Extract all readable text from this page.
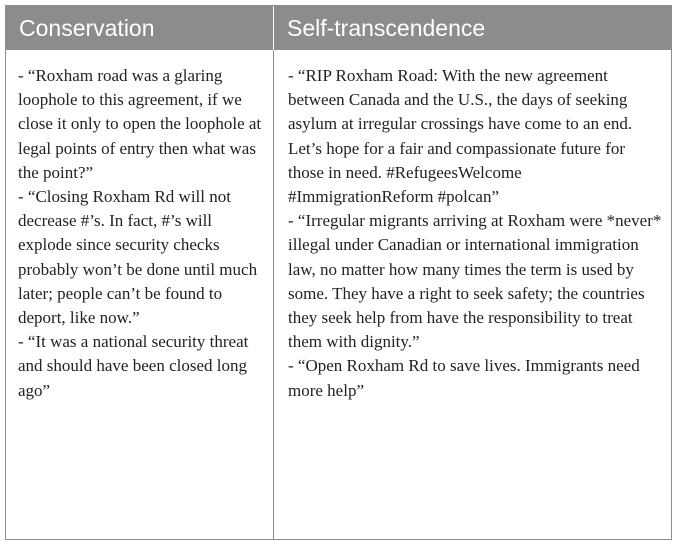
Conservation	Self-transcendence

- “Roxham road was a glaring loophole to this agreement, if we close it only to open the loophole at legal points of entry then what was the point?”

- “Closing Roxham Rd will not decrease #’s. In fact, #’s will explode since security checks probably won’t be done until much later; people can’t be found to deport, like now.”

- “It was a national security threat and should have been closed long ago”

- “RIP Roxham Road: With the new agreement between Canada and the U.S., the days of seeking asylum at irregular crossings have come to an end. Let’s hope for a fair and compassionate future for those in need. #RefugeesWelcome #ImmigrationReform #polcan”

- “Irregular migrants arriving at Roxham were *never* illegal under Canadian or international immigration law, no matter how many times the term is used by some. They have a right to seek safety; the countries they seek help from have the responsibility to treat them with dignity.”

- “Open Roxham Rd to save lives. Immigrants need more help”
